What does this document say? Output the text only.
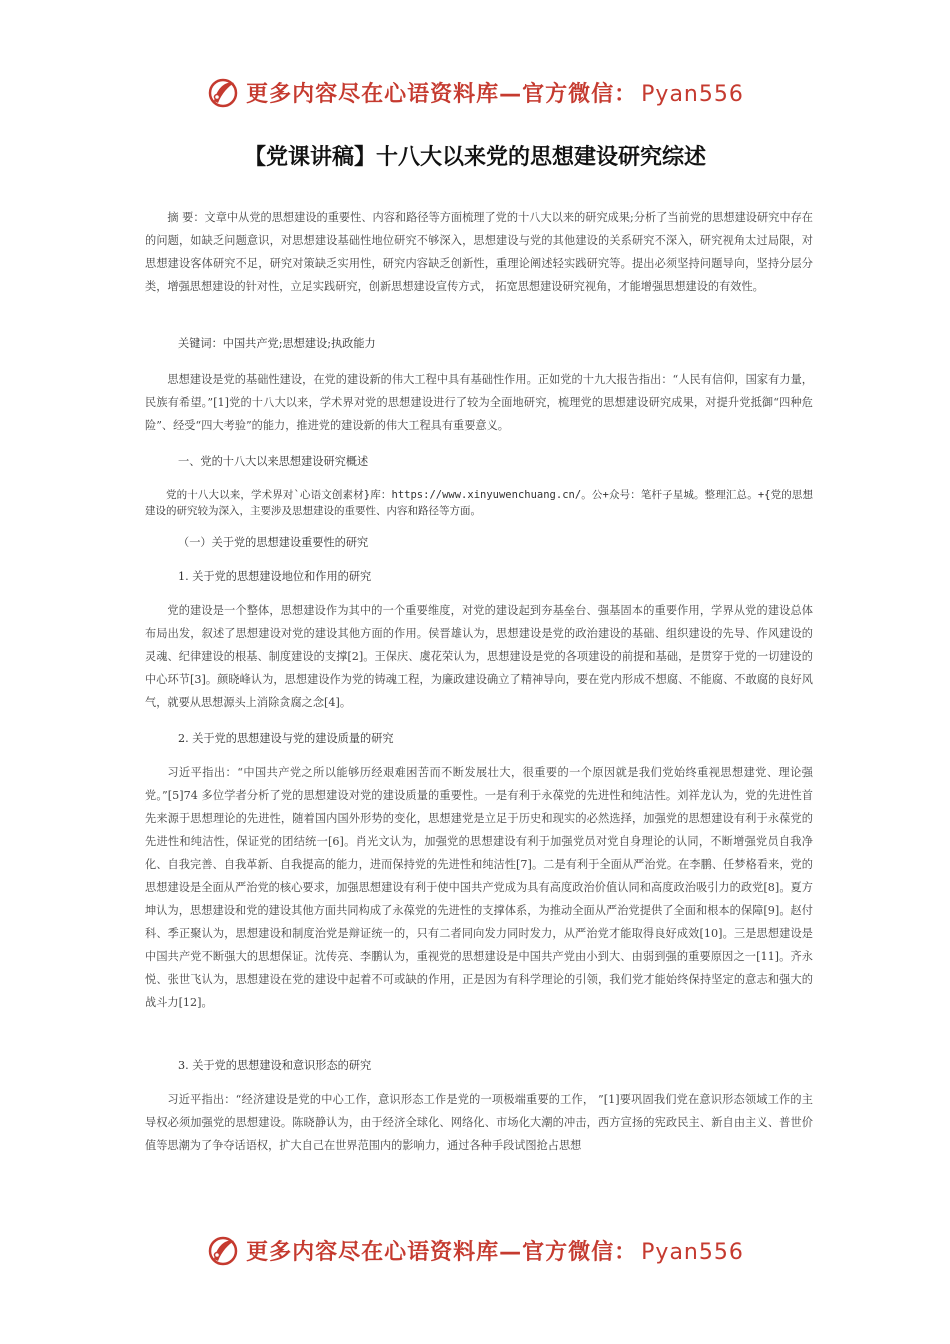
更多内容尽在心语资料库—官方微信： Pyan556
【党课讲稿】十八大以来党的思想建设研究综述

摘 要：文章中从党的思想建设的重要性、内容和路径等方面梳理了党的十八大以来的研究成果;分析了当前党的思想建设研究中存在的问题，如缺乏问题意识，对思想建设基础性地位研究不够深入，思想建设与党的其他建设的关系研究不深入，研究视角太过局限，对思想建设客体研究不足，研究对策缺乏实用性，研究内容缺乏创新性，重理论阐述轻实践研究等。提出必须坚持问题导向，坚持分层分类，增强思想建设的针对性，立足实践研究，创新思想建设宣传方式， 拓宽思想建设研究视角，才能增强思想建设的有效性。

关键词：中国共产党;思想建设;执政能力

思想建设是党的基础性建设，在党的建设新的伟大工程中具有基础性作用。正如党的十九大报告指出：“人民有信仰，国家有力量，民族有希望。”[1]党的十八大以来，学术界对党的思想建设进行了较为全面地研究，梳理党的思想建设研究成果，对提升党抵御“四种危险”、经受“四大考验”的能力，推进党的建设新的伟大工程具有重要意义。

一、党的十八大以来思想建设研究概述

党的十八大以来，学术界对`心语文创素材}库：https://www.xinyuwenchuang.cn/。公+众号：笔杆子星城。整理汇总。+{党的思想建设的研究较为深入，主要涉及思想建设的重要性、内容和路径等方面。

（一）关于党的思想建设重要性的研究

1. 关于党的思想建设地位和作用的研究

党的建设是一个整体，思想建设作为其中的一个重要维度，对党的建设起到夯基垒台、强基固本的重要作用，学界从党的建设总体布局出发，叙述了思想建设对党的建设其他方面的作用。侯晋雄认为，思想建设是党的政治建设的基础、组织建设的先导、作风建设的灵魂、纪律建设的根基、制度建设的支撑[2]。王保庆、虞花荣认为，思想建设是党的各项建设的前提和基础，是贯穿于党的一切建设的中心环节[3]。颜晓峰认为，思想建设作为党的铸魂工程，为廉政建设确立了精神导向，要在党内形成不想腐、不能腐、不敢腐的良好风气，就要从思想源头上消除贪腐之念[4]。

2. 关于党的思想建设与党的建设质量的研究

习近平指出：“中国共产党之所以能够历经艰难困苦而不断发展壮大，很重要的一个原因就是我们党始终重视思想建党、理论强党。”[5]74 多位学者分析了党的思想建设对党的建设质量的重要性。一是有利于永葆党的先进性和纯洁性。刘祥龙认为，党的先进性首先来源于思想理论的先进性，随着国内国外形势的变化，思想建党是立足于历史和现实的必然选择，加强党的思想建设有利于永葆党的先进性和纯洁性，保证党的团结统一[6]。肖光文认为，加强党的思想建设有利于加强党员对党自身理论的认同，不断增强党员自我净化、自我完善、自我革新、自我提高的能力，进而保持党的先进性和纯洁性[7]。二是有利于全面从严治党。在李鹏、任梦格看来，党的思想建设是全面从严治党的核心要求，加强思想建设有利于使中国共产党成为具有高度政治价值认同和高度政治吸引力的政党[8]。夏方坤认为，思想建设和党的建设其他方面共同构成了永葆党的先进性的支撑体系，为推动全面从严治党提供了全面和根本的保障[9]。赵付科、季正聚认为，思想建设和制度治党是辩证统一的，只有二者同向发力同时发力，从严治党才能取得良好成效[10]。三是思想建设是中国共产党不断强大的思想保证。沈传亮、李鹏认为，重视党的思想建设是中国共产党由小到大、由弱到强的重要原因之一[11]。齐永悦、张世飞认为，思想建设在党的建设中起着不可或缺的作用，正是因为有科学理论的引领，我们党才能始终保持坚定的意志和强大的战斗力[12]。

3. 关于党的思想建设和意识形态的研究

习近平指出：“经济建设是党的中心工作，意识形态工作是党的一项极端重要的工作， ”[1]要巩固我们党在意识形态领域工作的主导权必须加强党的思想建设。陈晓静认为，由于经济全球化、网络化、市场化大潮的冲击，西方宣扬的宪政民主、新自由主义、普世价值等思潮为了争夺话语权，扩大自己在世界范围内的影响力，通过各种手段试图抢占思想

更多内容尽在心语资料库—官方微信： Pyan556
